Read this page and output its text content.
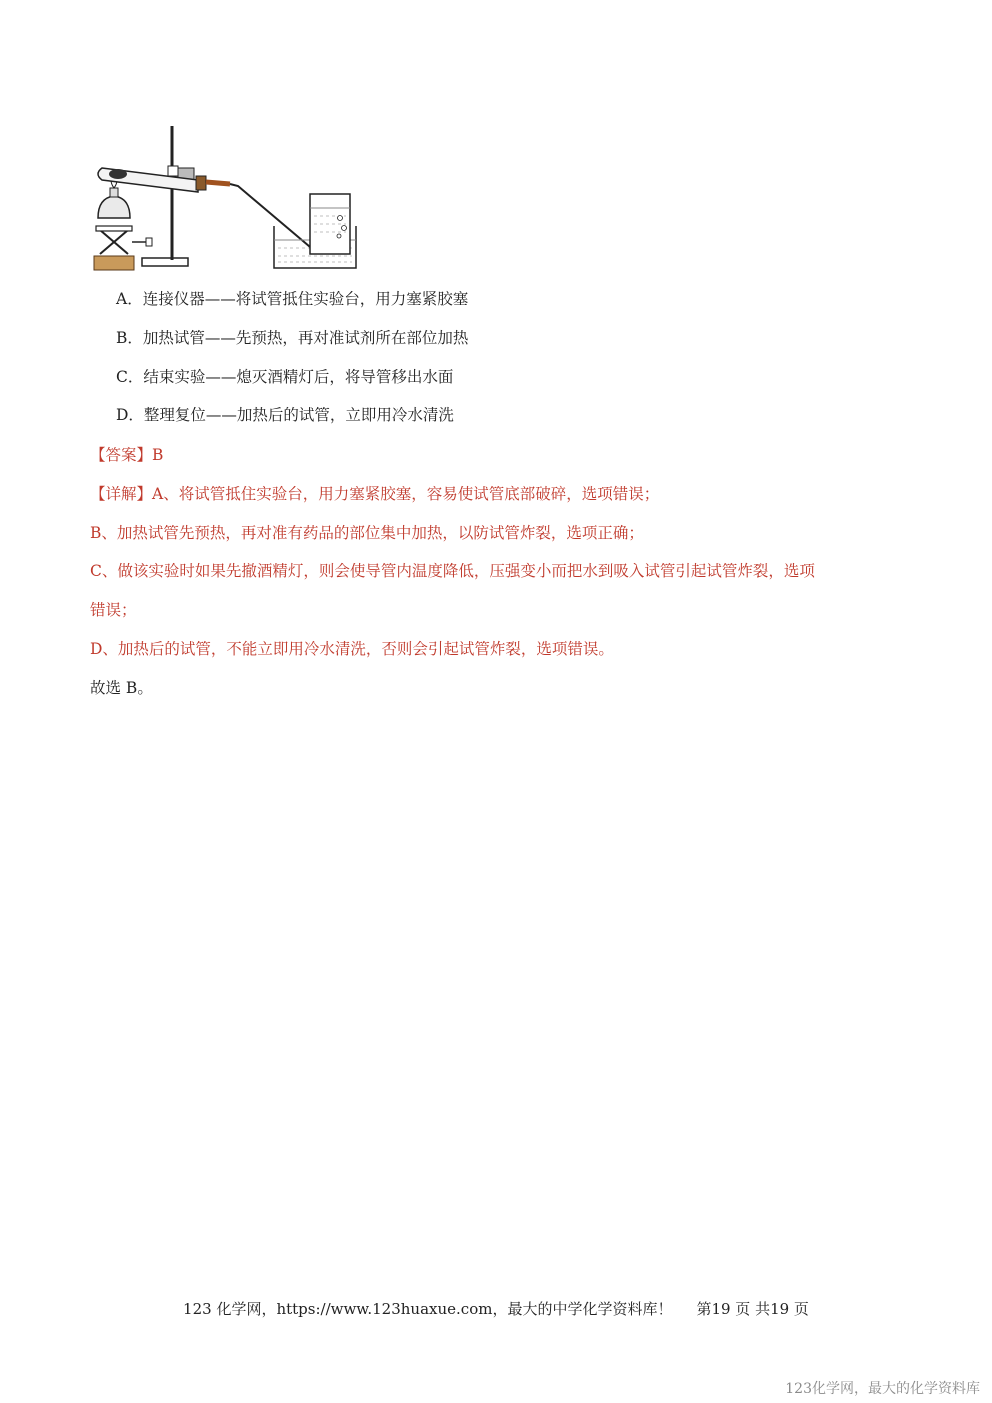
A．连接仪器——将试管抵住实验台，用力塞紧胶塞
B．加热试管——先预热，再对准试剂所在部位加热
C．结束实验——熄灭酒精灯后，将导管移出水面
D．整理复位——加热后的试管，立即用冷水清洗
【答案】B
【详解】A、将试管抵住实验台，用力塞紧胶塞，容易使试管底部破碎，选项错误；
B、加热试管先预热，再对准有药品的部位集中加热，以防试管炸裂，选项正确；
C、做该实验时如果先撤酒精灯，则会使导管内温度降低，压强变小而把水到吸入试管引起试管炸裂，选项
错误；
D、加热后的试管，不能立即用冷水清洗，否则会引起试管炸裂，选项错误。
故选 B。
123 化学网，https://www.123huaxue.com，最大的中学化学资料库！ 第19 页 共19 页
123化学网，最大的化学资料库
